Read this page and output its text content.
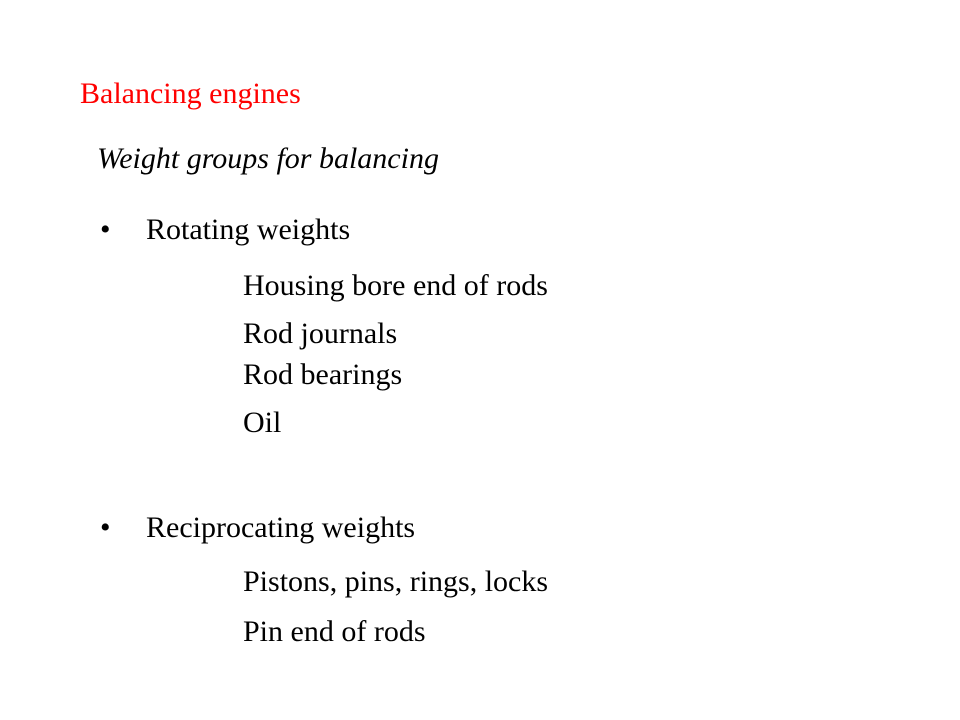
Balancing engines
Weight groups for balancing
• Rotating weights
Housing bore end of rods
Rod journals
Rod bearings
Oil
• Reciprocating weights
Pistons, pins, rings, locks
Pin end of rods
